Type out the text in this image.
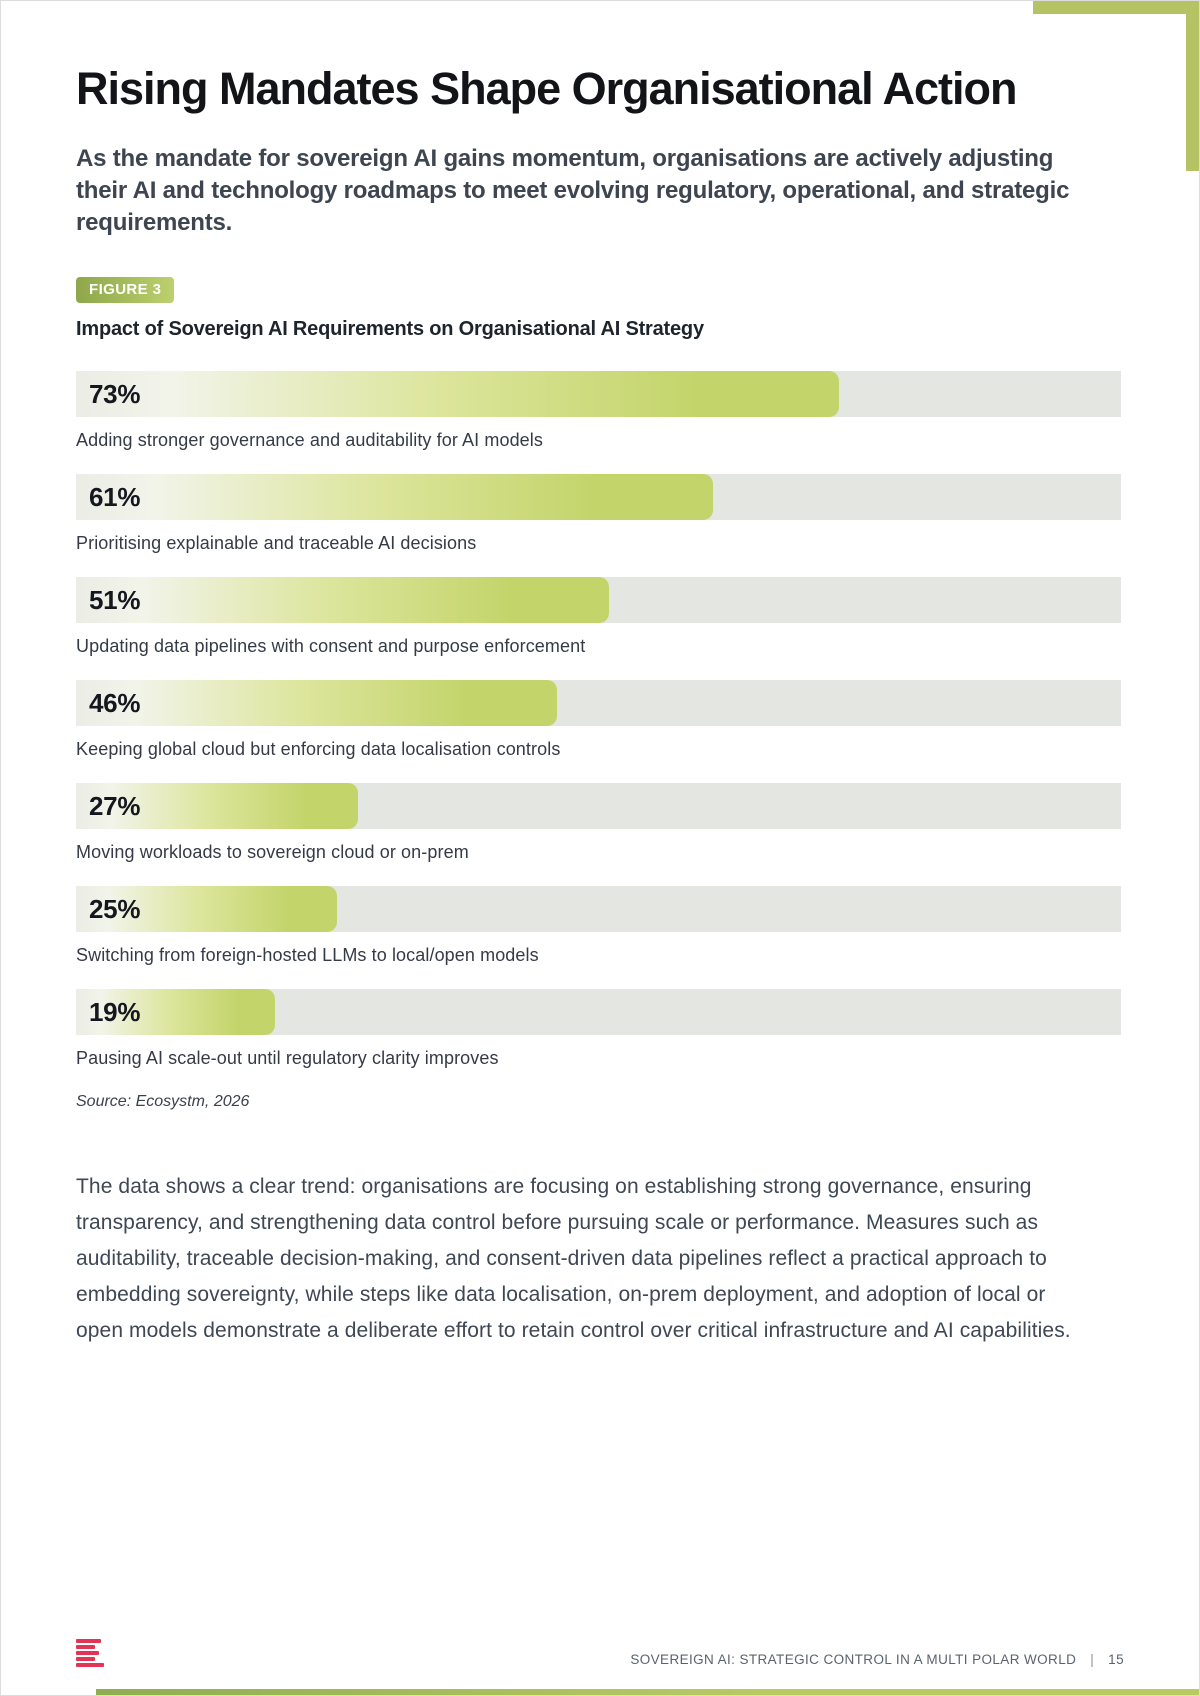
Rising Mandates Shape Organisational Action

As the mandate for sovereign AI gains momentum, organisations are actively adjusting their AI and technology roadmaps to meet evolving regulatory, operational, and strategic requirements.

FIGURE 3
Impact of Sovereign AI Requirements on Organisational AI Strategy
73%
Adding stronger governance and auditability for AI models
61%
Prioritising explainable and traceable AI decisions
51%
Updating data pipelines with consent and purpose enforcement
46%
Keeping global cloud but enforcing data localisation controls
27%
Moving workloads to sovereign cloud or on-prem
25%
Switching from foreign-hosted LLMs to local/open models
19%
Pausing AI scale-out until regulatory clarity improves
Source: Ecosystm, 2026

The data shows a clear trend: organisations are focusing on establishing strong governance, ensuring transparency, and strengthening data control before pursuing scale or performance. Measures such as auditability, traceable decision-making, and consent-driven data pipelines reflect a practical approach to embedding sovereignty, while steps like data localisation, on-prem deployment, and adoption of local or open models demonstrate a deliberate effort to retain control over critical infrastructure and AI capabilities.

SOVEREIGN AI: STRATEGIC CONTROL IN A MULTI POLAR WORLD | 15
